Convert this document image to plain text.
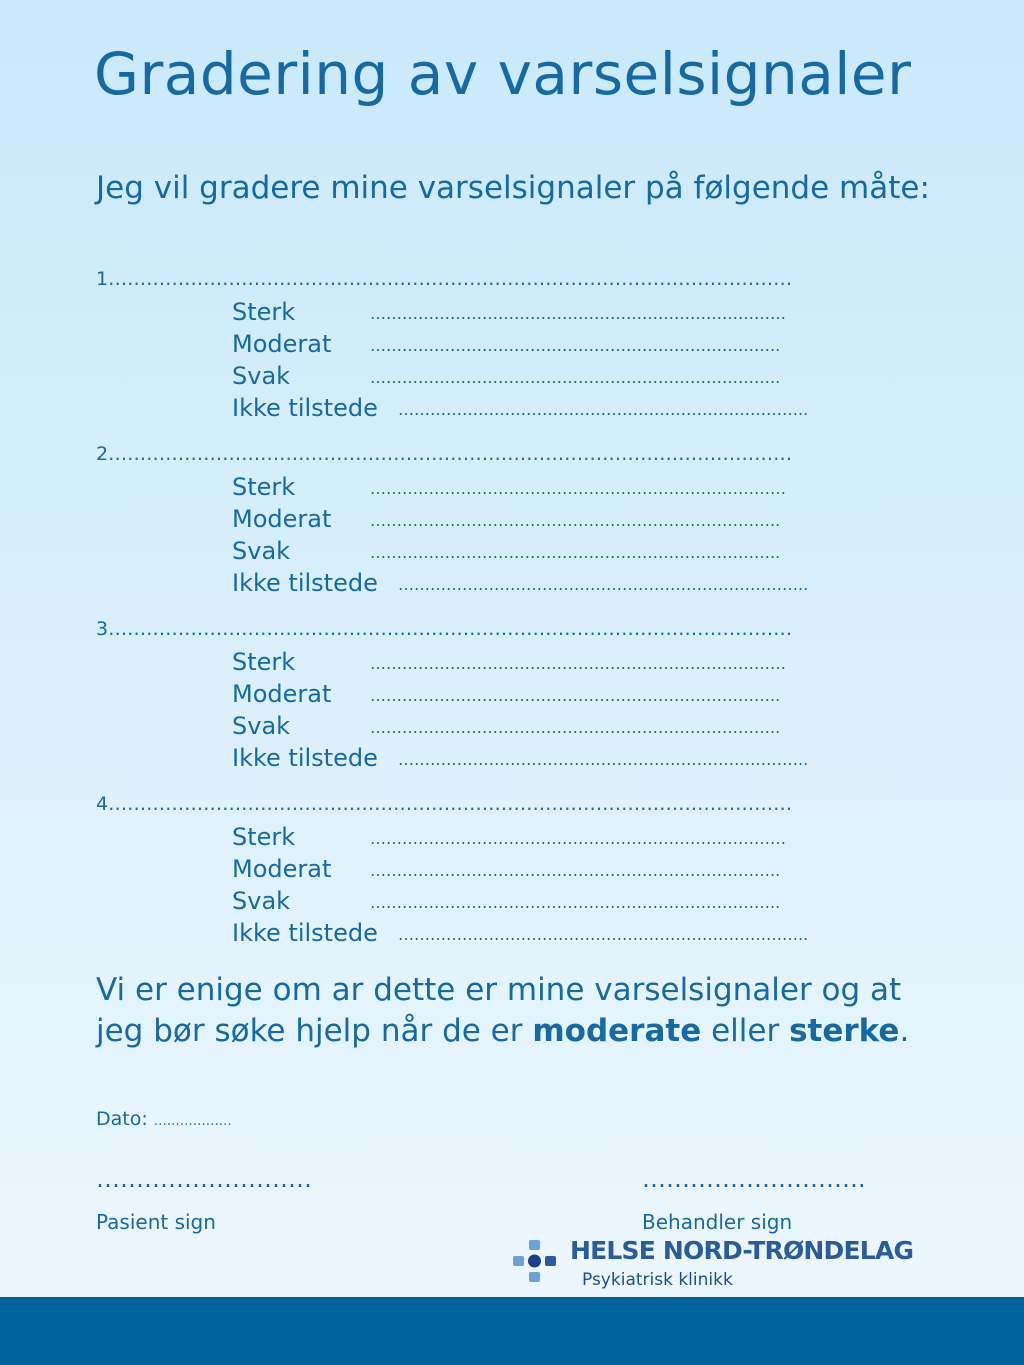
Gradering av varselsignaler

Jeg vil gradere mine varselsignaler på følgende måte:

1………………………………………………………………………………………………
Sterk	……………………………………………………………………
Moderat …………………………………………………………………..
Svak	…………………………………………………………………..
Ikke tilstede …………………………………………………………………..
2………………………………………………………………………………………………
Sterk	……………………………………………………………………
Moderat …………………………………………………………………..
Svak	…………………………………………………………………..
Ikke tilstede …………………………………………………………………..
3………………………………………………………………………………………………
Sterk	……………………………………………………………………
Moderat …………………………………………………………………..
Svak	…………………………………………………………………..
Ikke tilstede …………………………………………………………………..
4………………………………………………………………………………………………
Sterk	……………………………………………………………………
Moderat …………………………………………………………………..
Svak	…………………………………………………………………..
Ikke tilstede …………………………………………………………………..

Vi er enige om ar dette er mine varselsignaler og at jeg bør søke hjelp når de er moderate eller sterke.

Dato: ………………
………………………	……………………….
Pasient sign	Behandler sign
HELSE NORD-TRØNDELAG
Psykiatrisk klinikk
